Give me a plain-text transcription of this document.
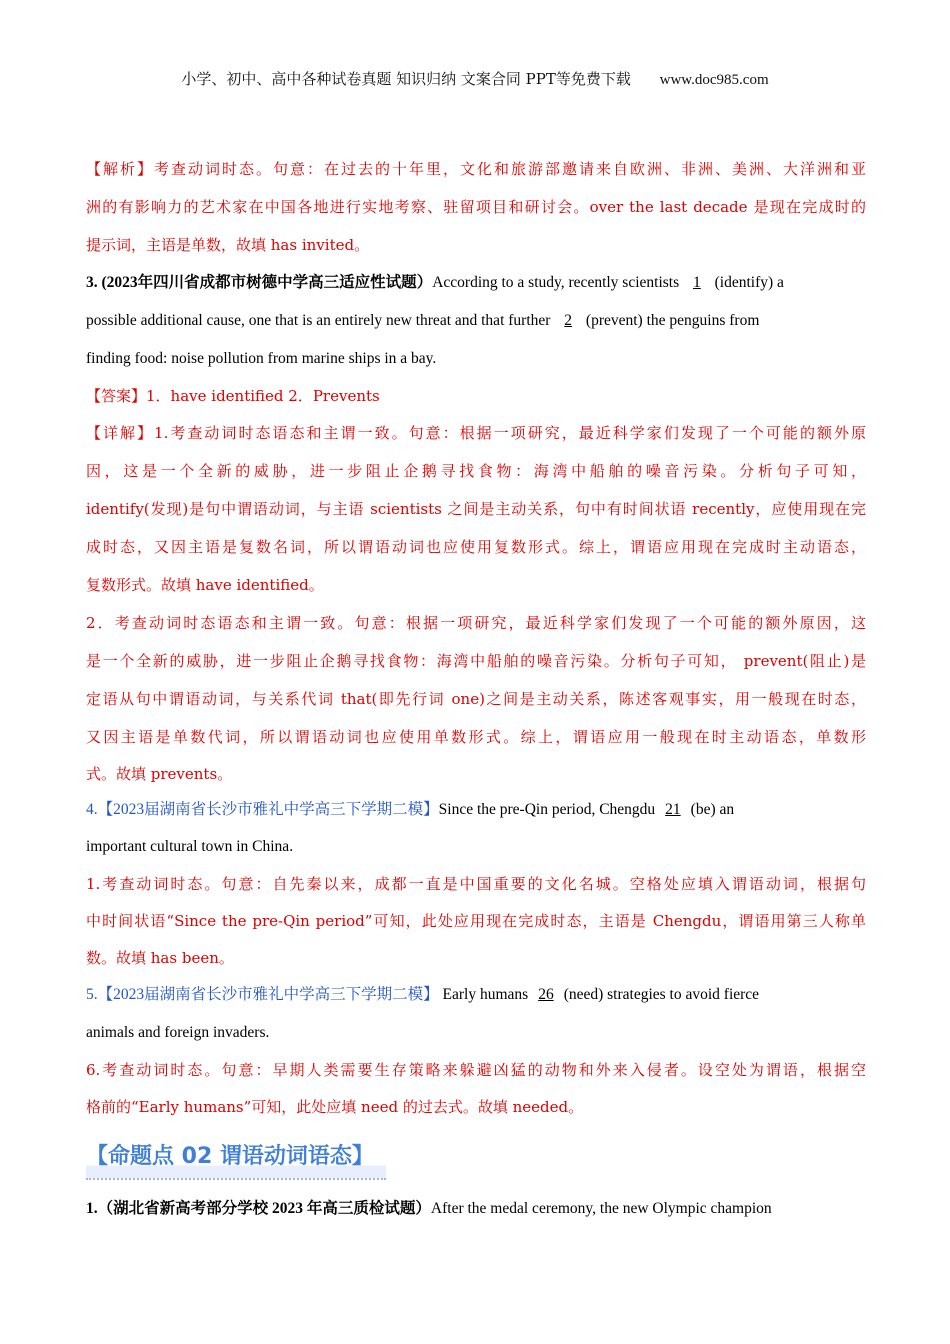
小学、初中、高中各种试卷真题 知识归纳 文案合同 PPT等免费下载 www.doc985.com
【解析】考查动词时态。句意：在过去的十年里，文化和旅游部邀请来自欧洲、非洲、美洲、大洋洲和亚
洲的有影响力的艺术家在中国各地进行实地考察、驻留项目和研讨会。over the last decade 是现在完成时的
提示词，主语是单数，故填 has invited。
3. (2023年四川省成都市树德中学高三适应性试题）According to a study, recently scientists 1 (identify) a
possible additional cause, one that is an entirely new threat and that further 2 (prevent) the penguins from
finding food: noise pollution from marine ships in a bay.
【答案】1．have identified 2．Prevents
【详解】1.考查动词时态语态和主谓一致。句意：根据一项研究，最近科学家们发现了一个可能的额外原
因，这是一个全新的威胁，进一步阻止企鹅寻找食物：海湾中船舶的噪音污染。分析句子可知，
identify(发现)是句中谓语动词，与主语 scientists 之间是主动关系，句中有时间状语 recently，应使用现在完
成时态，又因主语是复数名词，所以谓语动词也应使用复数形式。综上，谓语应用现在完成时主动语态，
复数形式。故填 have identified。
2．考查动词时态语态和主谓一致。句意：根据一项研究，最近科学家们发现了一个可能的额外原因，这
是一个全新的威胁，进一步阻止企鹅寻找食物：海湾中船舶的噪音污染。分析句子可知， prevent(阻止)是
定语从句中谓语动词，与关系代词 that(即先行词 one)之间是主动关系，陈述客观事实，用一般现在时态，
又因主语是单数代词，所以谓语动词也应使用单数形式。综上，谓语应用一般现在时主动语态，单数形
式。故填 prevents。
4.【2023届湖南省长沙市雅礼中学高三下学期二模】Since the pre-Qin period, Chengdu 21 (be) an
important cultural town in China.
1.考查动词时态。句意：自先秦以来，成都一直是中国重要的文化名城。空格处应填入谓语动词，根据句
中时间状语“Since the pre-Qin period”可知，此处应用现在完成时态，主语是 Chengdu，谓语用第三人称单
数。故填 has been。
5.【2023届湖南省长沙市雅礼中学高三下学期二模】 Early humans 26 (need) strategies to avoid fierce
animals and foreign invaders.
6.考查动词时态。句意：早期人类需要生存策略来躲避凶猛的动物和外来入侵者。设空处为谓语，根据空
格前的“Early humans”可知，此处应填 need 的过去式。故填 needed。
【命题点 02 谓语动词语态】
1.（湖北省新高考部分学校 2023 年高三质检试题）After the medal ceremony, the new Olympic champion
